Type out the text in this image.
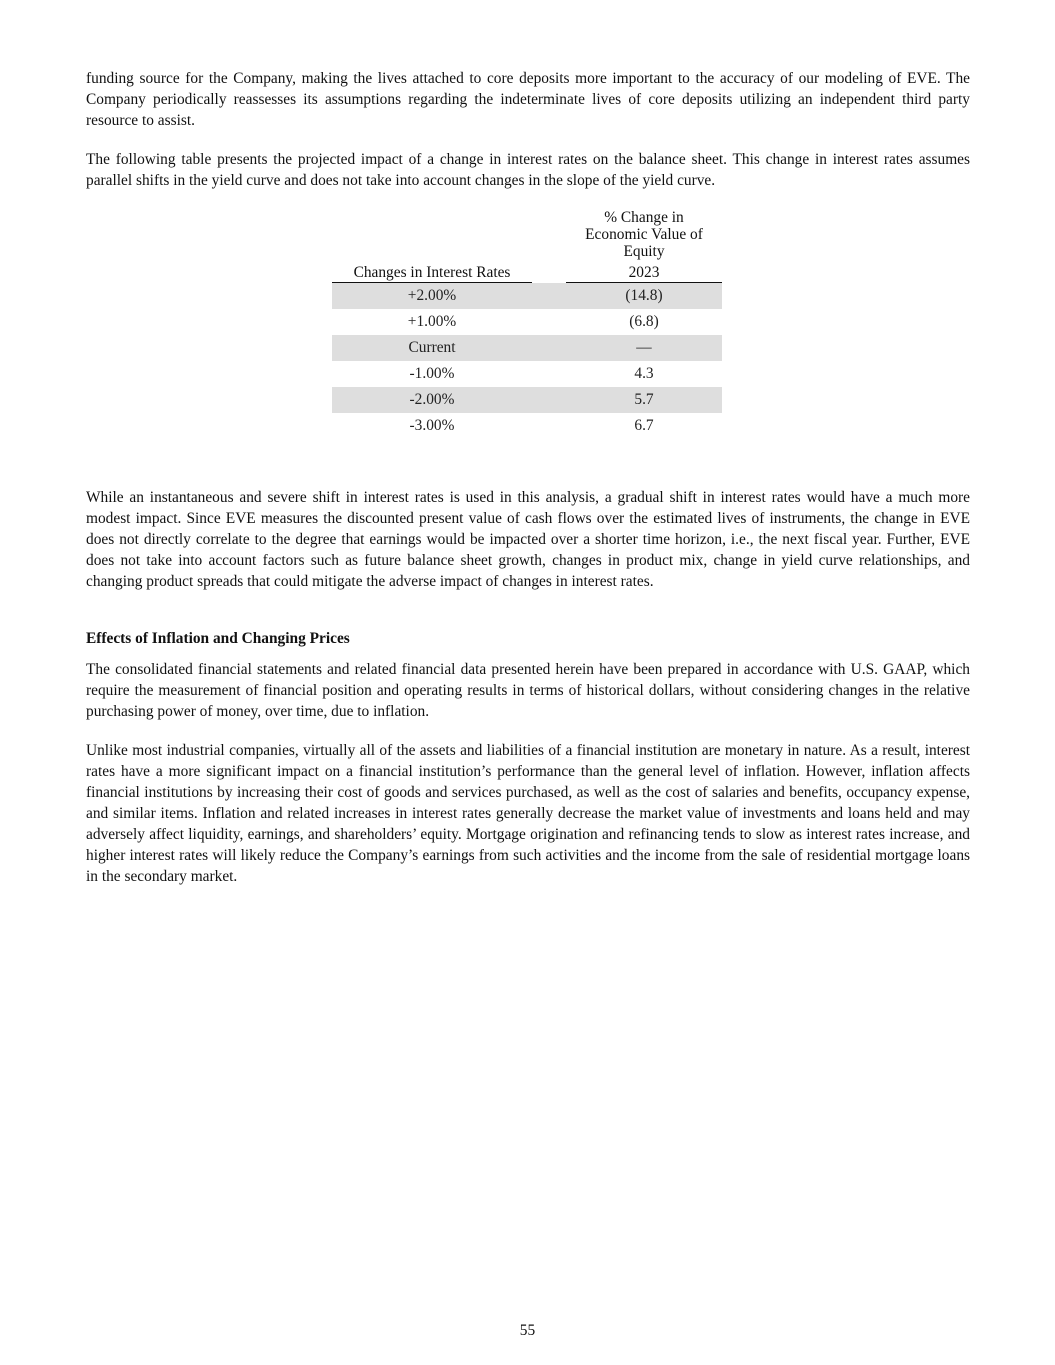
funding source for the Company, making the lives attached to core deposits more important to the accuracy of our modeling of EVE. The Company periodically reassesses its assumptions regarding the indeterminate lives of core deposits utilizing an independent third party resource to assist.

The following table presents the projected impact of a change in interest rates on the balance sheet. This change in interest rates assumes parallel shifts in the yield curve and does not take into account changes in the slope of the yield curve.

		% Change in
Economic Value of
Equity

Changes in Interest Rates		2023
+2.00%		(14.8)
+1.00%		(6.8)
Current		—
-1.00%		4.3
-2.00%		5.7
-3.00%		6.7

While an instantaneous and severe shift in interest rates is used in this analysis, a gradual shift in interest rates would have a much more modest impact. Since EVE measures the discounted present value of cash flows over the estimated lives of instruments, the change in EVE does not directly correlate to the degree that earnings would be impacted over a shorter time horizon, i.e., the next fiscal year. Further, EVE does not take into account factors such as future balance sheet growth, changes in product mix, change in yield curve relationships, and changing product spreads that could mitigate the adverse impact of changes in interest rates.

Effects of Inflation and Changing Prices

The consolidated financial statements and related financial data presented herein have been prepared in accordance with U.S. GAAP, which require the measurement of financial position and operating results in terms of historical dollars, without considering changes in the relative purchasing power of money, over time, due to inflation.

Unlike most industrial companies, virtually all of the assets and liabilities of a financial institution are monetary in nature. As a result, interest rates have a more significant impact on a financial institution’s performance than the general level of inflation. However, inflation affects financial institutions by increasing their cost of goods and services purchased, as well as the cost of salaries and benefits, occupancy expense, and similar items. Inflation and related increases in interest rates generally decrease the market value of investments and loans held and may adversely affect liquidity, earnings, and shareholders’ equity. Mortgage origination and refinancing tends to slow as interest rates increase, and higher interest rates will likely reduce the Company’s earnings from such activities and the income from the sale of residential mortgage loans in the secondary market.

55
